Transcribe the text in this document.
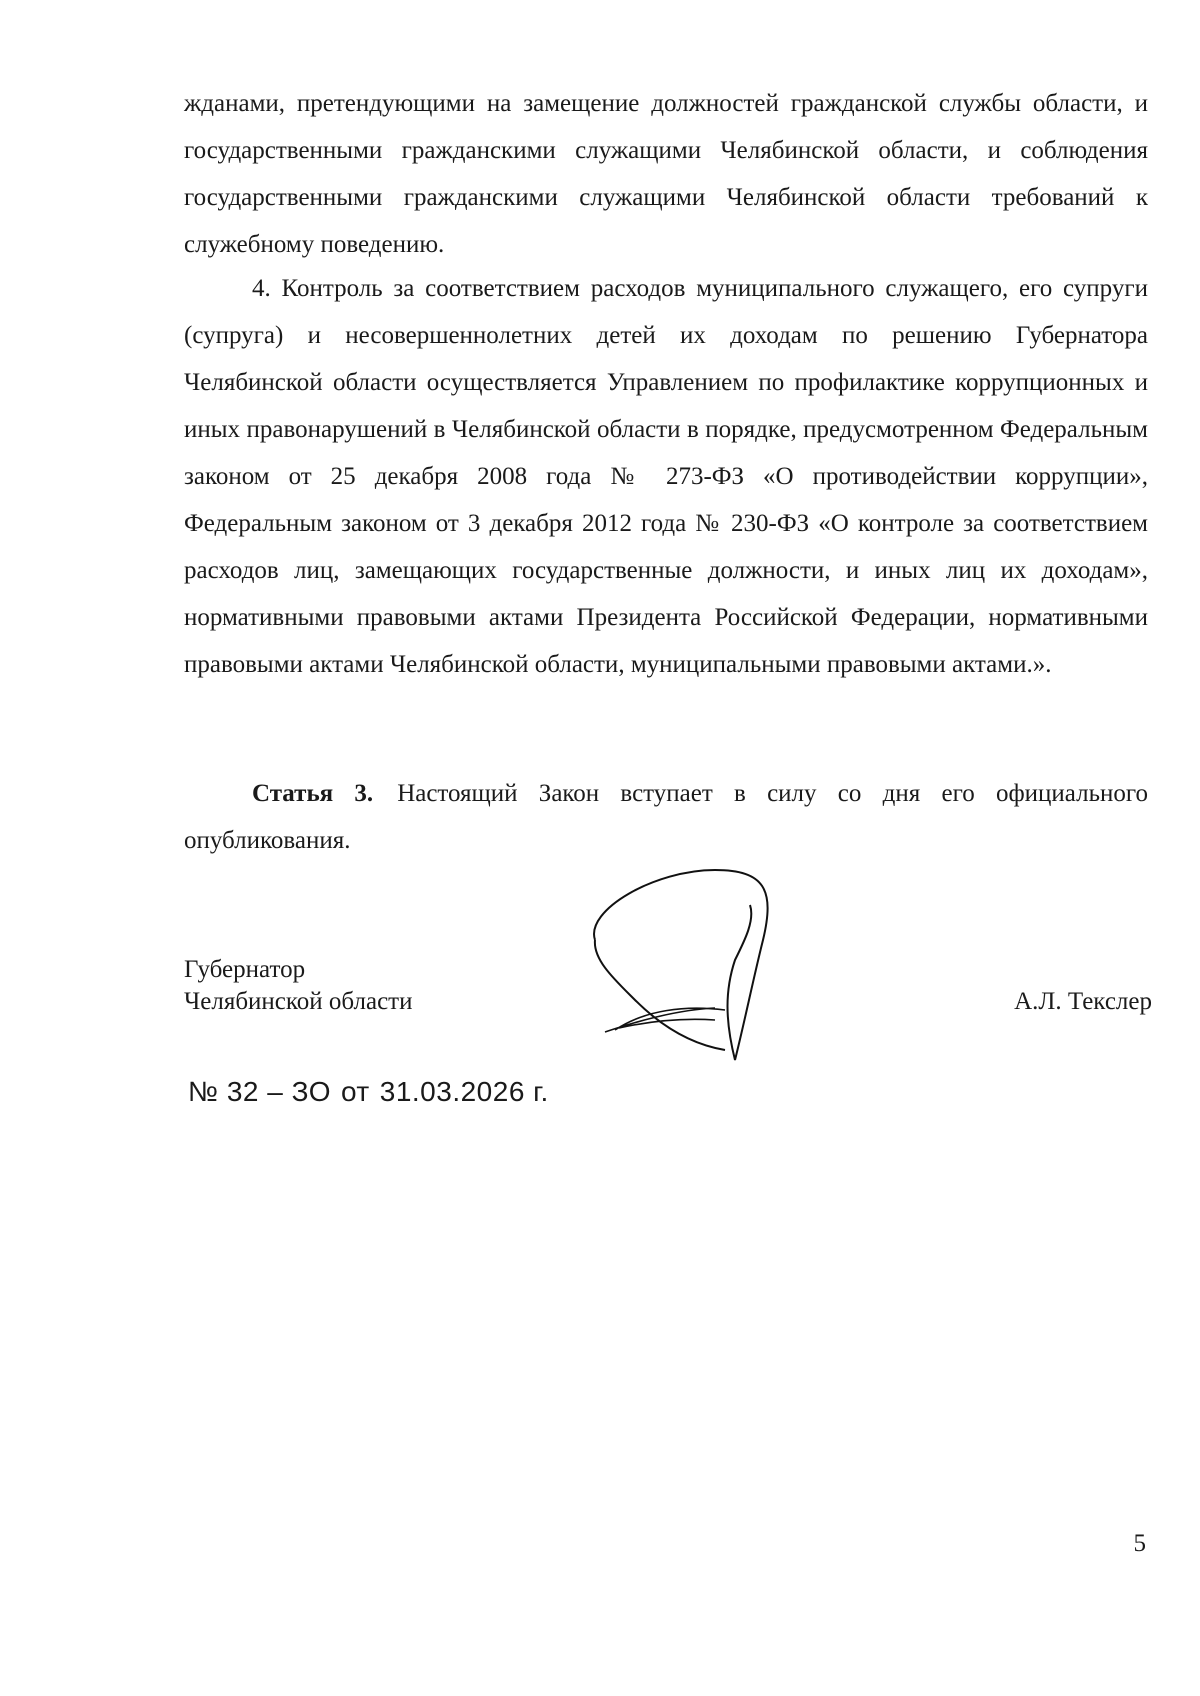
жданами, претендующими на замещение должностей гражданской службы области, и государственными гражданскими служащими Челябинской области, и соблюдения государственными гражданскими служащими Челябинской области требований к служебному поведению.

4. Контроль за соответствием расходов муниципального служащего, его супруги (супруга) и несовершеннолетних детей их доходам по решению Губернатора Челябинской области осуществляется Управлением по профилактике коррупционных и иных правонарушений в Челябинской области в порядке, предусмотренном Федеральным законом от 25 декабря 2008 года № 273-ФЗ «О противодействии коррупции», Федеральным законом от 3 декабря 2012 года № 230-ФЗ «О контроле за соответствием расходов лиц, замещающих государственные должности, и иных лиц их доходам», нормативными правовыми актами Президента Российской Федерации, нормативными правовыми актами Челябинской области, муниципальными правовыми актами.».

Статья 3. Настоящий Закон вступает в силу со дня его официального опубликования.

Губернатор
Челябинской области	А.Л. Текслер
№ 32 – ЗО от 31.03.2026 г.
5
